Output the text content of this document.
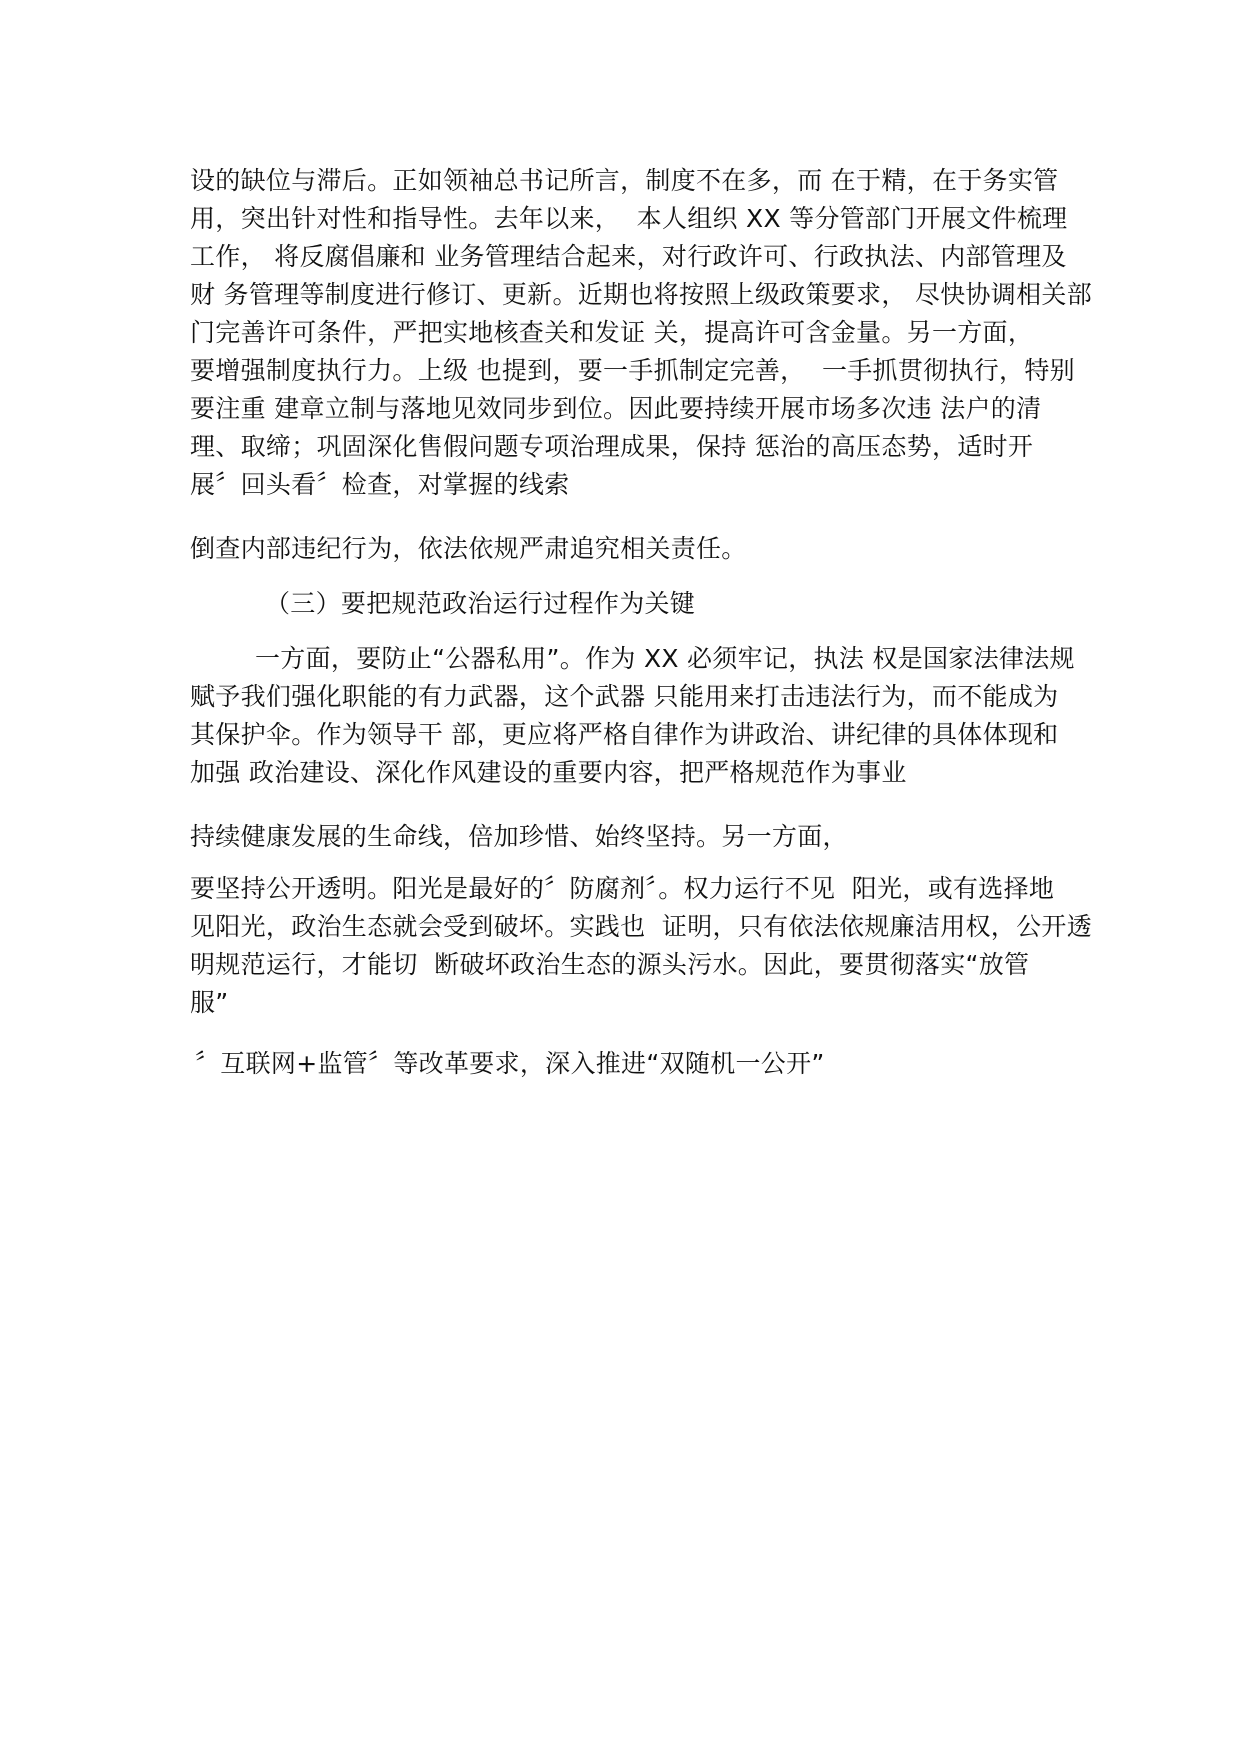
设的缺位与滞后。正如领袖总书记所言，制度不在多，而 在于精，在于务实管
用，突出针对性和指导性。去年以来，  本人组织 XX 等分管部门开展文件梳理
工作， 将反腐倡廉和 业务管理结合起来，对行政许可、行政执法、内部管理及
财 务管理等制度进行修订、更新。近期也将按照上级政策要求， 尽快协调相关部
门完善许可条件，严把实地核查关和发证 关，提高许可含金量。另一方面，
要增强制度执行力。上级 也提到，要一手抓制定完善，  一手抓贯彻执行，特别
要注重 建章立制与落地见效同步到位。因此要持续开展市场多次违 法户的清
理、取缔；巩固深化售假问题专项治理成果，保持 惩治的高压态势，适时开
展〞回头看〞检查，对掌握的线索
倒查内部违纪行为，依法依规严肃追究相关责任。
（三）要把规范政治运行过程作为关键
一方面，要防止“公器私用”。作为 XX 必须牢记，执法 权是国家法律法规
赋予我们强化职能的有力武器，这个武器 只能用来打击违法行为，而不能成为
其保护伞。作为领导干 部，更应将严格自律作为讲政治、讲纪律的具体体现和
加强 政治建设、深化作风建设的重要内容，把严格规范作为事业
持续健康发展的生命线，倍加珍惜、始终坚持。另一方面，
要坚持公开透明。阳光是最好的〞防腐剂〞。权力运行不见  阳光，或有选择地
见阳光，政治生态就会受到破坏。实践也  证明，只有依法依规廉洁用权，公开透
明规范运行，才能切  断破坏政治生态的源头污水。因此，要贯彻落实“放管
服”
〞互联网+监管〞等改革要求，深入推进“双随机一公开”
